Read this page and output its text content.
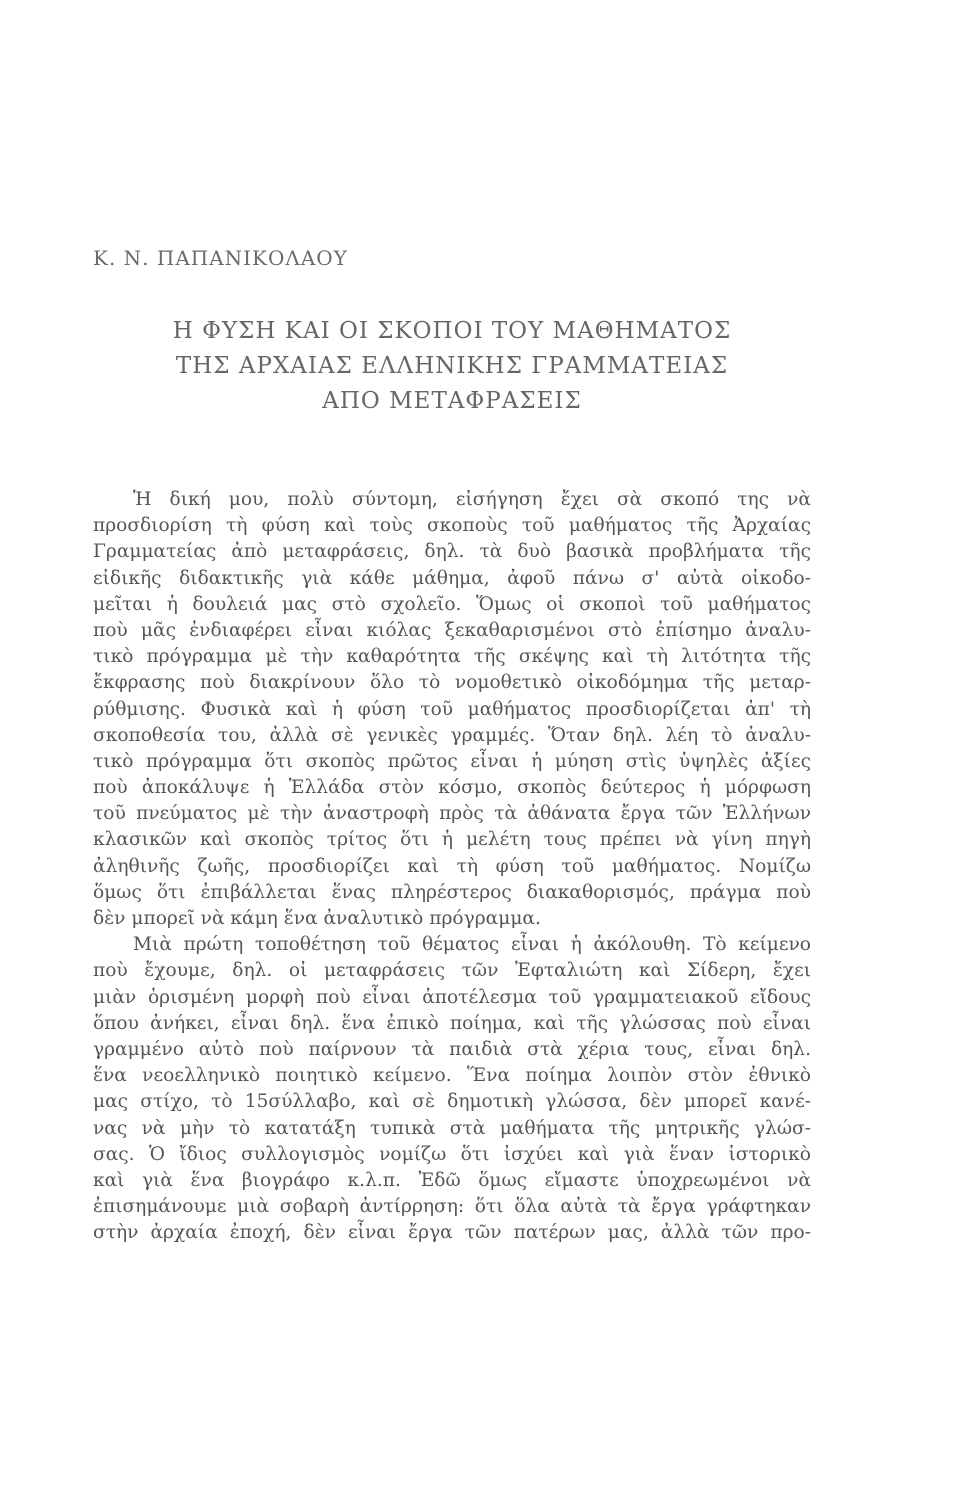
Κ. Ν. ΠΑΠΑΝΙΚΟΛΑΟΥ
Η ΦΥΣΗ ΚΑΙ ΟΙ ΣΚΟΠΟΙ ΤΟΥ ΜΑΘΗΜΑΤΟΣ
ΤΗΣ ΑΡΧΑΙΑΣ ΕΛΛΗΝΙΚΗΣ ΓΡΑΜΜΑΤΕΙΑΣ
ΑΠΟ ΜΕΤΑΦΡΑΣΕΙΣ
Ἡ δική μου, πολὺ σύντομη, εἰσήγηση ἔχει σὰ σκοπό της νὰ
προσδιορίση τὴ φύση καὶ τοὺς σκοποὺς τοῦ μαθήματος τῆς Ἀρχαίας
Γραμματείας ἀπὸ μεταφράσεις, δηλ. τὰ δυὸ βασικὰ προβλήματα τῆς
εἰδικῆς διδακτικῆς γιὰ κάθε μάθημα, ἀφοῦ πάνω σ' αὐτὰ οἰκοδο-
μεῖται ἡ δουλειά μας στὸ σχολεῖο. Ὅμως οἱ σκοποὶ τοῦ μαθήματος
ποὺ μᾶς ἐνδιαφέρει εἶναι κιόλας ξεκαθαρισμένοι στὸ ἐπίσημο ἀναλυ-
τικὸ πρόγραμμα μὲ τὴν καθαρότητα τῆς σκέψης καὶ τὴ λιτότητα τῆς
ἔκφρασης ποὺ διακρίνουν ὅλο τὸ νομοθετικὸ οἰκοδόμημα τῆς μεταρ-
ρύθμισης. Φυσικὰ καὶ ἡ φύση τοῦ μαθήματος προσδιορίζεται ἀπ' τὴ
σκοποθεσία του, ἀλλὰ σὲ γενικὲς γραμμές. Ὅταν δηλ. λέη τὸ ἀναλυ-
τικὸ πρόγραμμα ὅτι σκοπὸς πρῶτος εἶναι ἡ μύηση στὶς ὑψηλὲς ἀξίες
ποὺ ἀποκάλυψε ἡ Ἑλλάδα στὸν κόσμο, σκοπὸς δεύτερος ἡ μόρφωση
τοῦ πνεύματος μὲ τὴν ἀναστροφὴ πρὸς τὰ ἀθάνατα ἔργα τῶν Ἑλλήνων
κλασικῶν καὶ σκοπὸς τρίτος ὅτι ἡ μελέτη τους πρέπει νὰ γίνη πηγὴ
ἀληθινῆς ζωῆς, προσδιορίζει καὶ τὴ φύση τοῦ μαθήματος. Νομίζω
ὅμως ὅτι ἐπιβάλλεται ἕνας πληρέστερος διακαθορισμός, πράγμα ποὺ
δὲν μπορεῖ νὰ κάμη ἕνα ἀναλυτικὸ πρόγραμμα.
Μιὰ πρώτη τοποθέτηση τοῦ θέματος εἶναι ἡ ἀκόλουθη. Τὸ κείμενο
ποὺ ἔχουμε, δηλ. οἱ μεταφράσεις τῶν Ἐφταλιώτη καὶ Σίδερη, ἔχει
μιὰν ὁρισμένη μορφὴ ποὺ εἶναι ἀποτέλεσμα τοῦ γραμματειακοῦ εἴδους
ὅπου ἀνήκει, εἶναι δηλ. ἕνα ἐπικὸ ποίημα, καὶ τῆς γλώσσας ποὺ εἶναι
γραμμένο αὐτὸ ποὺ παίρνουν τὰ παιδιὰ στὰ χέρια τους, εἶναι δηλ.
ἕνα νεοελληνικὸ ποιητικὸ κείμενο. Ἕνα ποίημα λοιπὸν στὸν ἐθνικὸ
μας στίχο, τὸ 15σύλλαβο, καὶ σὲ δημοτικὴ γλώσσα, δὲν μπορεῖ κανέ-
νας νὰ μὴν τὸ κατατάξη τυπικὰ στὰ μαθήματα τῆς μητρικῆς γλώσ-
σας. Ὁ ἴδιος συλλογισμὸς νομίζω ὅτι ἰσχύει καὶ γιὰ ἕναν ἱστορικὸ
καὶ γιὰ ἕνα βιογράφο κ.λ.π. Ἐδῶ ὅμως εἴμαστε ὑποχρεωμένοι νὰ
ἐπισημάνουμε μιὰ σοβαρὴ ἀντίρρηση: ὅτι ὅλα αὐτὰ τὰ ἔργα γράφτηκαν
στὴν ἀρχαία ἐποχή, δὲν εἶναι ἔργα τῶν πατέρων μας, ἀλλὰ τῶν προ-
